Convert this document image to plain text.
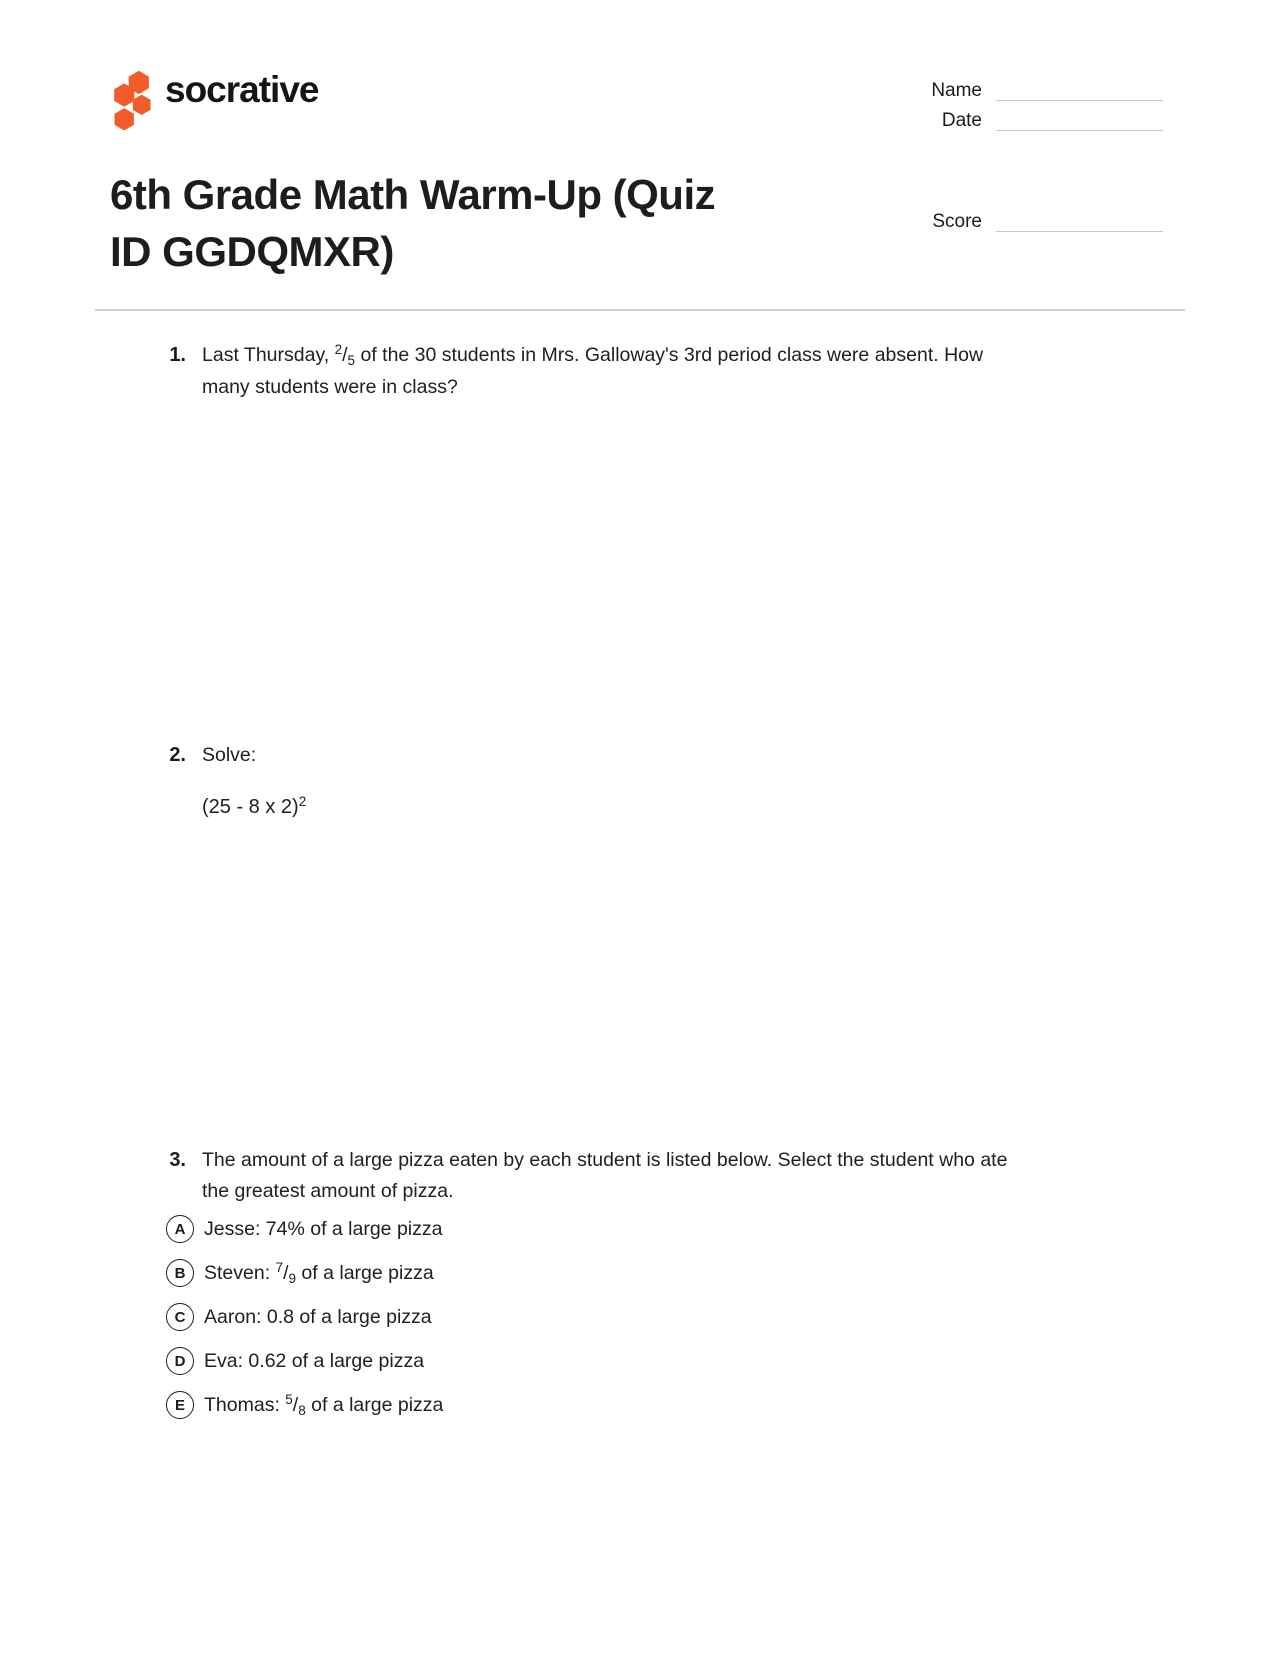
socrative	Name
Date
Score
6th Grade Math Warm-Up (Quiz
ID GGDQMXR)
1. Last Thursday, $^2/_5$ of the 30 students in Mrs. Galloway's 3rd period class were absent. How
many students were in class?
2. Solve:
(25 - 8 x 2)$^2$
3. The amount of a large pizza eaten by each student is listed below. Select the student who ate
the greatest amount of pizza.
A Jesse: 74% of a large pizza
B Steven: $^7/_9$ of a large pizza
C Aaron: 0.8 of a large pizza
D Eva: 0.62 of a large pizza
E Thomas: $^5/_8$ of a large pizza
